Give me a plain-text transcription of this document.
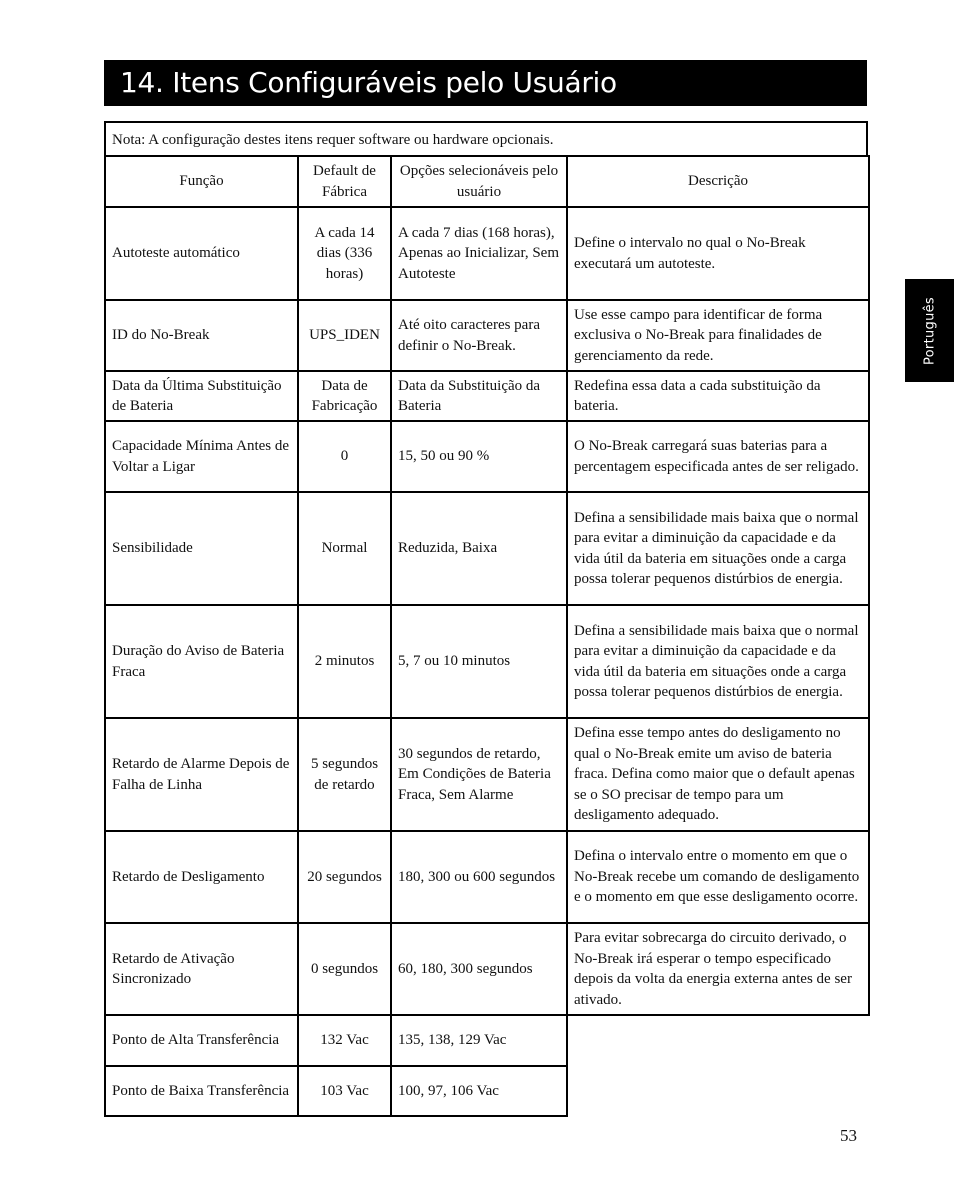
14. Itens Configuráveis pelo Usuário
Português
Nota: A configuração destes itens requer software ou hardware opcionais.
Função	Default de Fábrica	Opções selecionáveis pelo usuário	Descrição
Autoteste automático	A cada 14 dias (336 horas)	A cada 7 dias (168 horas), Apenas ao Inicializar, Sem Autoteste	Define o intervalo no qual o No-Break executará um autoteste.
ID do No-Break	UPS_IDEN	Até oito caracteres para definir o No-Break.	Use esse campo para identificar de forma exclusiva o No-Break para finalidades de gerenciamento da rede.
Data da Última Substituição de Bateria	Data de Fabricação	Data da Substituição da Bateria	Redefina essa data a cada substituição da bateria.
Capacidade Mínima Antes de Voltar a Ligar	0	15, 50 ou 90 %	O No-Break carregará suas baterias para a percentagem especificada antes de ser religado.
Sensibilidade	Normal	Reduzida, Baixa	Defina a sensibilidade mais baixa que o normal para evitar a diminuição da capacidade e da vida útil da bateria em situações onde a carga possa tolerar pequenos distúrbios de energia.
Duração do Aviso de Bateria Fraca	2 minutos	5, 7 ou 10 minutos	Defina a sensibilidade mais baixa que o normal para evitar a diminuição da capacidade e da vida útil da bateria em situações onde a carga possa tolerar pequenos distúrbios de energia.
Retardo de Alarme Depois de Falha de Linha	5 segundos de retardo	30 segundos de retardo, Em Condições de Bateria Fraca, Sem Alarme	Defina esse tempo antes do desligamento no qual o No-Break emite um aviso de bateria fraca. Defina como maior que o default apenas se o SO precisar de tempo para um desligamento adequado.
Retardo de Desligamento	20 segundos	180, 300 ou 600 segundos	Defina o intervalo entre o momento em que o No-Break recebe um comando de desligamento e o momento em que esse desligamento ocorre.
Retardo de Ativação Sincronizado	0 segundos	60, 180, 300 segundos	Para evitar sobrecarga do circuito derivado, o No-Break irá esperar o tempo especificado depois da volta da energia externa antes de ser ativado.
Ponto de Alta Transferência	132 Vac	135, 138, 129 Vac	
Ponto de Baixa Transferência	103 Vac	100, 97, 106 Vac	
53
